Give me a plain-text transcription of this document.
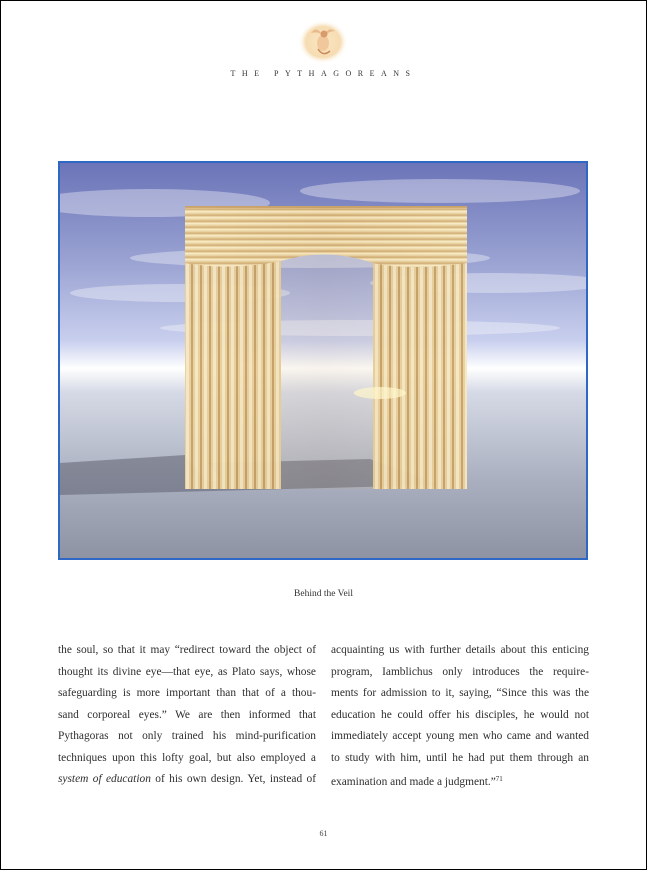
THE PYTHAGOREANS
Behind the Veil
the soul, so that it may “redirect toward the object of
thought its divine eye—that eye, as Plato says, whose
safeguarding is more important than that of a thou-
sand corporeal eyes.” We are then informed that
Pythagoras not only trained his mind-purification
techniques upon this lofty goal, but also employed a
system of education of his own design. Yet, instead of
acquainting us with further details about this enticing
program, Iamblichus only introduces the require-
ments for admission to it, saying, “Since this was the
education he could offer his disciples, he would not
immediately accept young men who came and wanted
to study with him, until he had put them through an
examination and made a judgment.”$^{71}$
61
